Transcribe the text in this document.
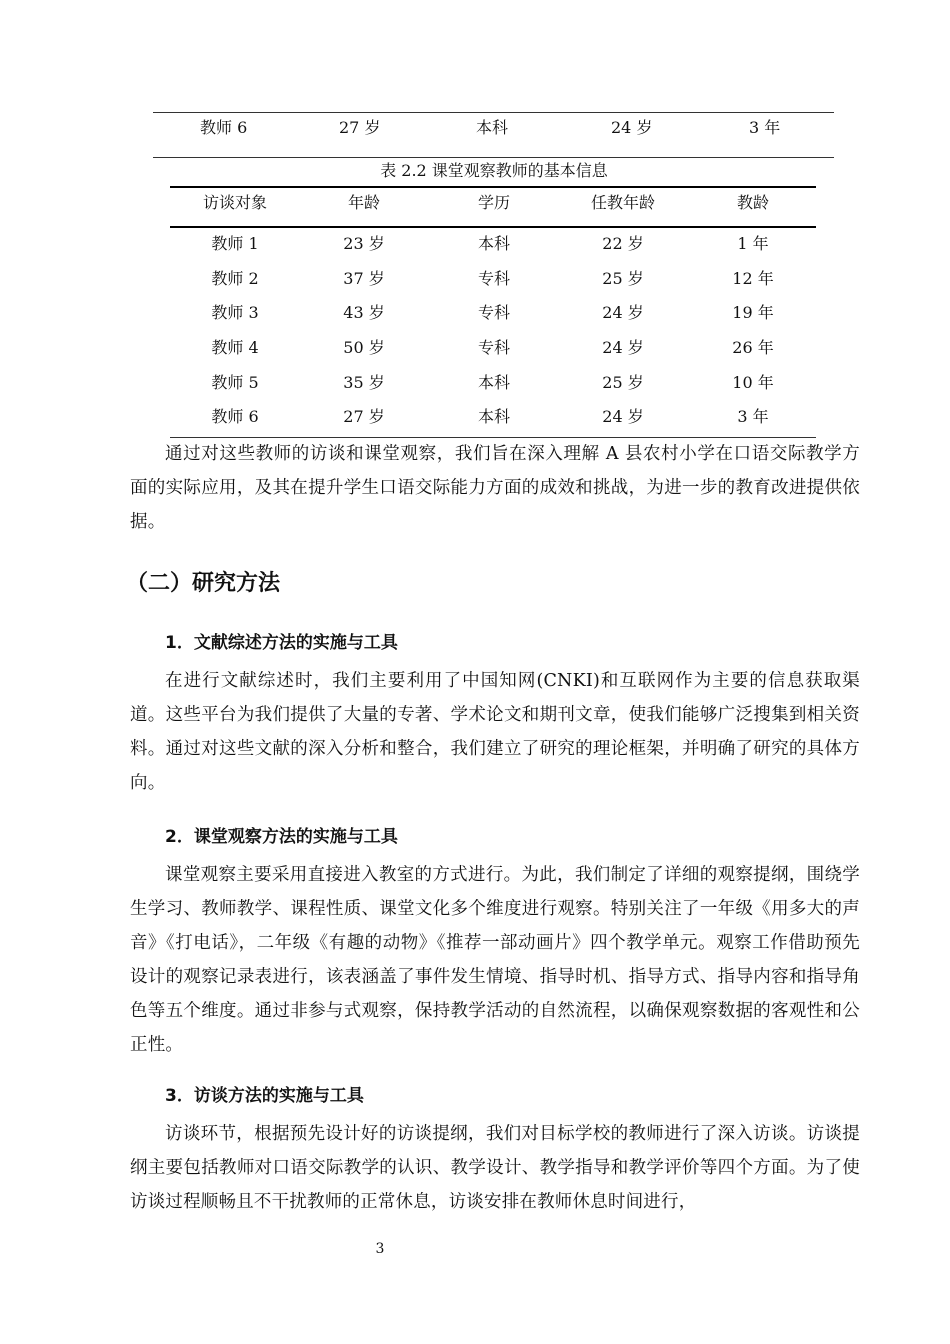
教师 6	27 岁	本科	24 岁	3 年
表 2.2 课堂观察教师的基本信息
访谈对象	年龄	学历	任教年龄	教龄
教师 1	23 岁	本科	22 岁	1 年
教师 2	37 岁	专科	25 岁	12 年
教师 3	43 岁	专科	24 岁	19 年
教师 4	50 岁	专科	24 岁	26 年
教师 5	35 岁	本科	25 岁	10 年
教师 6	27 岁	本科	24 岁	3 年

通过对这些教师的访谈和课堂观察，我们旨在深入理解 A 县农村小学在口语交际教学方面的实际应用，及其在提升学生口语交际能力方面的成效和挑战，为进一步的教育改进提供依据。

（二）研究方法
1．文献综述方法的实施与工具

在进行文献综述时，我们主要利用了中国知网(CNKI)和互联网作为主要的信息获取渠道。这些平台为我们提供了大量的专著、学术论文和期刊文章，使我们能够广泛搜集到相关资料。通过对这些文献的深入分析和整合，我们建立了研究的理论框架，并明确了研究的具体方向。

2．课堂观察方法的实施与工具

课堂观察主要采用直接进入教室的方式进行。为此，我们制定了详细的观察提纲，围绕学生学习、教师教学、课程性质、课堂文化多个维度进行观察。特别关注了一年级《用多大的声音》《打电话》，二年级《有趣的动物》《推荐一部动画片》四个教学单元。观察工作借助预先设计的观察记录表进行，该表涵盖了事件发生情境、指导时机、指导方式、指导内容和指导角色等五个维度。通过非参与式观察，保持教学活动的自然流程，以确保观察数据的客观性和公正性。

3．访谈方法的实施与工具

访谈环节，根据预先设计好的访谈提纲，我们对目标学校的教师进行了深入访谈。访谈提纲主要包括教师对口语交际教学的认识、教学设计、教学指导和教学评价等四个方面。为了使访谈过程顺畅且不干扰教师的正常休息，访谈安排在教师休息时间进行，

3
